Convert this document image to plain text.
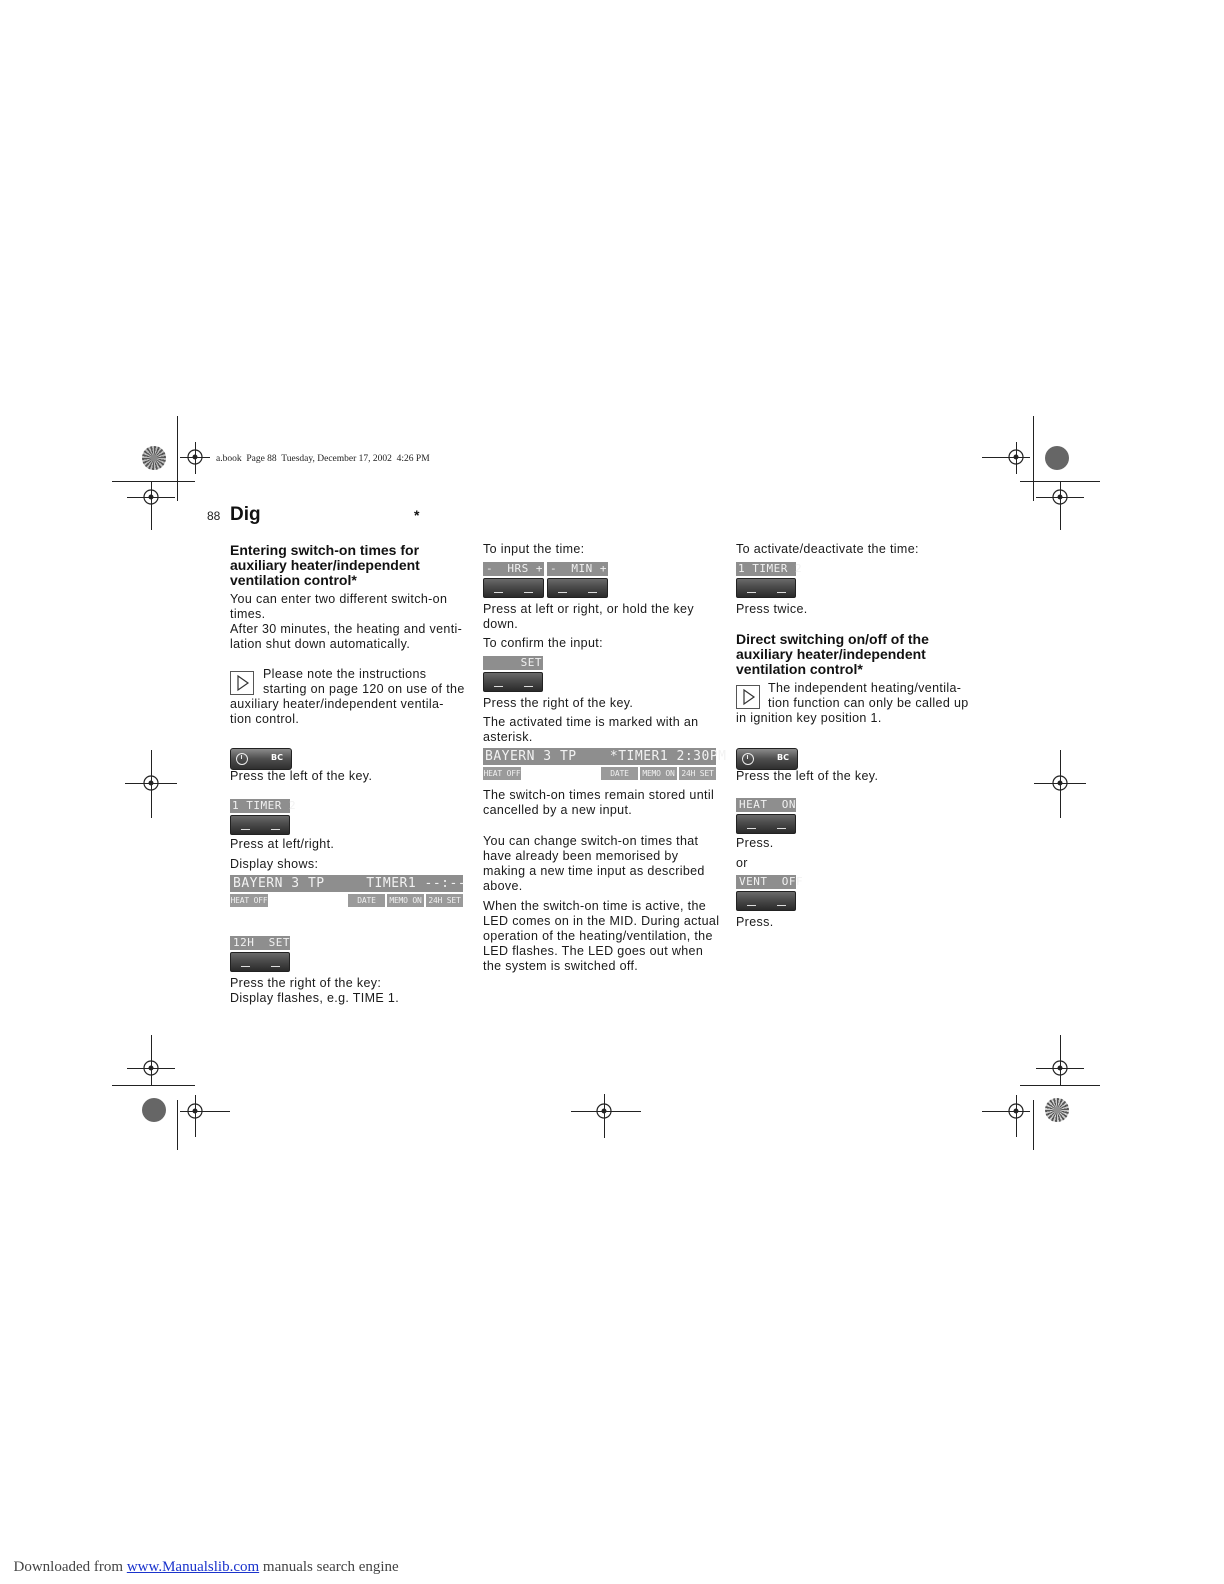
a.book  Page 88  Tuesday, December 17, 2002  4:26 PM
88 Dig	*
Entering switch-on times for
auxiliary heater/independent
ventilation control*
You can enter two different switch-on
times.
After 30 minutes, the heating and venti-
lation shut down automatically.
Please note the instructions
starting on page 120 on use of the
auxiliary heater/independent ventila-
tion control.
BC
Press the left of the key.
1 TIMER 2
Press at left/right.
Display shows:
BAYERN 3 TP     TIMER1 --:--
HEAT OFF	DATE	MEMO ON 24H SET
12H  SET
Press the right of the key:
Display flashes, e.g. TIME 1.
To input the time:
-  HRS + -  MIN +
Press at left or right, or hold the key
down.
To confirm the input:
SET
Press the right of the key.
The activated time is marked with an
asterisk.
BAYERN 3 TP    *TIMER1 2:30PM
HEAT OFF	DATE	MEMO ON 24H SET
The switch-on times remain stored until
cancelled by a new input.
You can change switch-on times that
have already been memorised by
making a new time input as described
above.
When the switch-on time is active, the
LED comes on in the MID. During actual
operation of the heating/ventilation, the
LED flashes. The LED goes out when
the system is switched off.
To activate/deactivate the time:
1 TIMER 2
Press twice.
Direct switching on/off of the
auxiliary heater/independent
ventilation control*
The independent heating/ventila-
tion function can only be called up
in ignition key position 1.
BC
Press the left of the key.
HEAT  ON
Press.
or
VENT  OFF
Press.

Downloaded from www.Manualslib.com manuals search engine
